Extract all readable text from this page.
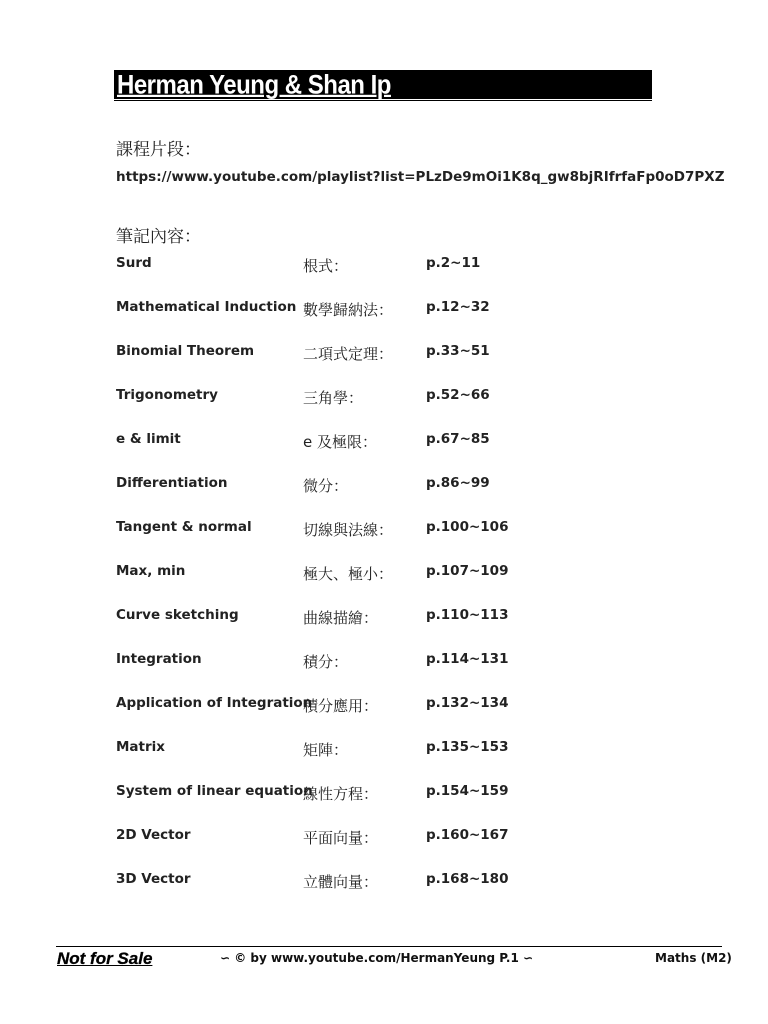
Herman Yeung & Shan Ip
課程片段：
https://www.youtube.com/playlist?list=PLzDe9mOi1K8q_gw8bjRIfrfaFp0oD7PXZ
筆記內容：
Surd	根式：	p.2~11
Mathematical Induction 數學歸納法： p.12~32
Binomial Theorem	二項式定理： p.33~51
Trigonometry	三角學：	p.52~66
e & limit	e 及極限：	p.67~85
Differentiation	微分：	p.86~99
Tangent & normal	切線與法線： p.100~106
Max, min	極大、極小： p.107~109
Curve sketching	曲線描繪：	p.110~113
Integration	積分：	p.114~131
Application of Integration
積分應用：	p.132~134
Matrix	矩陣：	p.135~153
System of linear equation
線性方程：	p.154~159
2D Vector	平面向量：	p.160~167
3D Vector	立體向量：	p.168~180
Not for Sale	∽ © by www.youtube.com/HermanYeung P.1 ∽	Maths (M2)
